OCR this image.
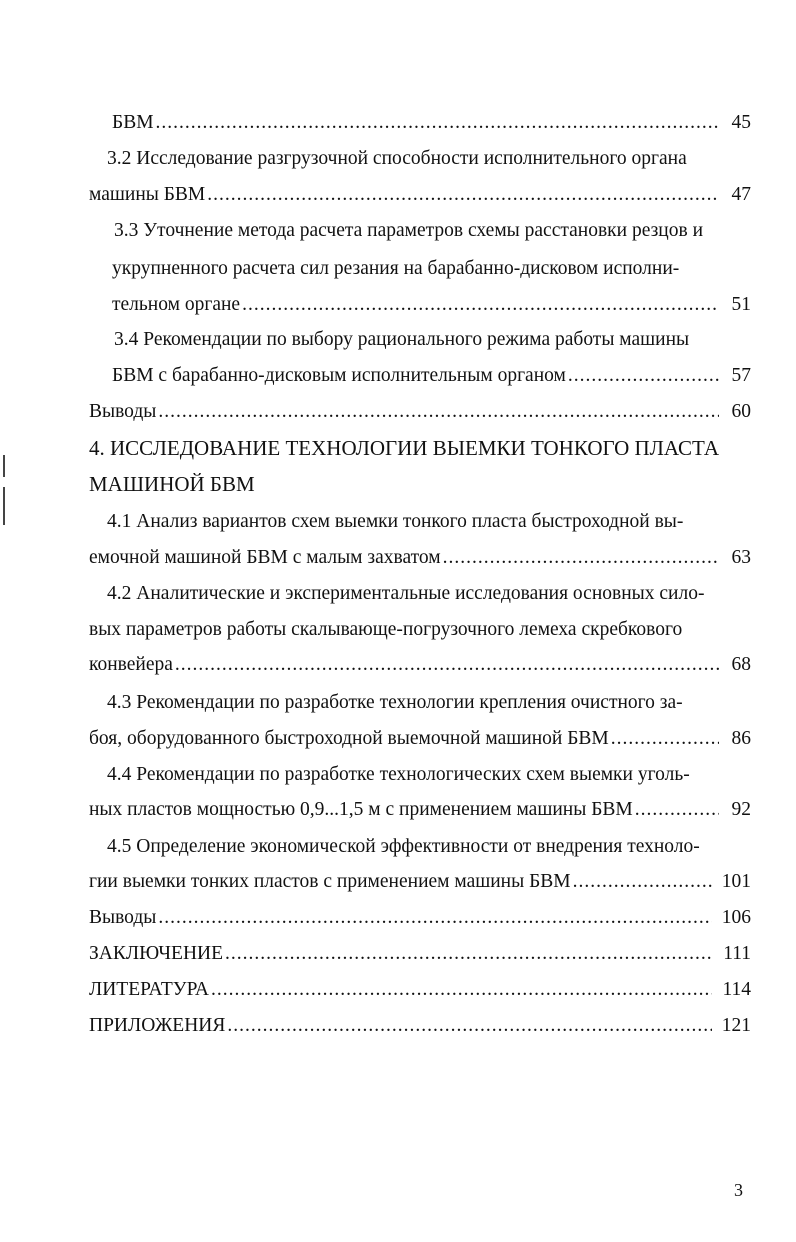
БВМ .....	45
3.2 Исследование разгрузочной способности исполнительного органа
машины БВМ .....	47
3.3 Уточнение метода расчета параметров схемы расстановки резцов и
укрупненного расчета сил резания на барабанно-дисковом исполни-
тельном органе .....	51
3.4 Рекомендации по выбору рационального режима работы машины
БВМ с барабанно-дисковым исполнительным органом .....	57
Выводы .....	60
4. ИССЛЕДОВАНИЕ ТЕХНОЛОГИИ ВЫЕМКИ ТОНКОГО ПЛАСТА
МАШИНОЙ БВМ
4.1 Анализ вариантов схем выемки тонкого пласта быстроходной вы-
емочной машиной БВМ с малым захватом .....	63
4.2 Аналитические и экспериментальные исследования основных сило-
вых параметров работы скалывающе-погрузочного лемеха скребкового
конвейера .....	68
4.3 Рекомендации по разработке технологии крепления очистного за-
боя, оборудованного быстроходной выемочной машиной БВМ .....	86
4.4 Рекомендации по разработке технологических схем выемки уголь-
ных пластов мощностью 0,9...1,5 м с применением машины БВМ .....	92
4.5 Определение экономической эффективности от внедрения техноло-
гии выемки тонких пластов с применением машины БВМ .....	101
Выводы .....	106
ЗАКЛЮЧЕНИЕ .....	111
ЛИТЕРАТУРА .....	114
ПРИЛОЖЕНИЯ .....	121
3
